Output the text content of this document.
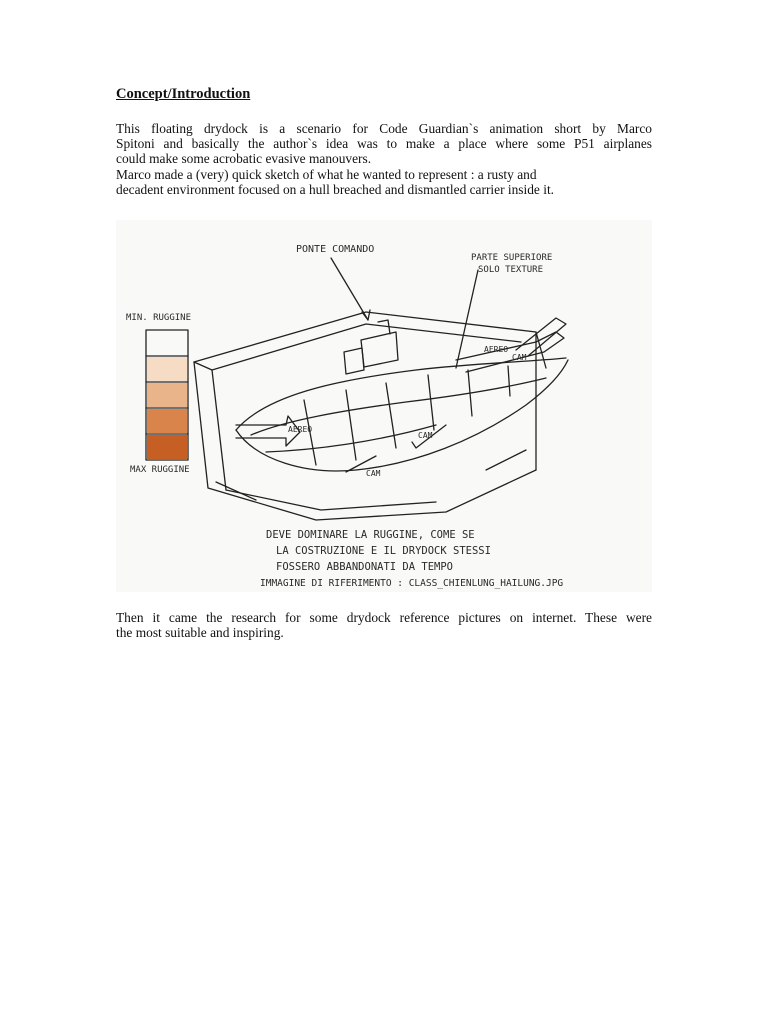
Concept/Introduction
This floating drydock is a scenario for Code Guardian`s animation short by Marco
Spitoni and basically the author`s idea was to make a place where some P51 airplanes
could make some acrobatic evasive manouvers.
Marco made a (very) quick sketch of what he wanted to represent : a rusty and
decadent environment focused on a hull breached and dismantled carrier inside it.
PONTE COMANDO
PARTE SUPERIORE
SOLO TEXTURE
MIN. RUGGINE
MAX RUGGINE
AEREO
CAM
AEREO
CAM
CAM
DEVE DOMINARE LA RUGGINE, COME SE
LA COSTRUZIONE E IL DRYDOCK STESSI
FOSSERO ABBANDONATI DA TEMPO
IMMAGINE DI RIFERIMENTO : CLASS_CHIENLUNG_HAILUNG.JPG
Then it came the research for some drydock reference pictures on internet. These were
the most suitable and inspiring.
